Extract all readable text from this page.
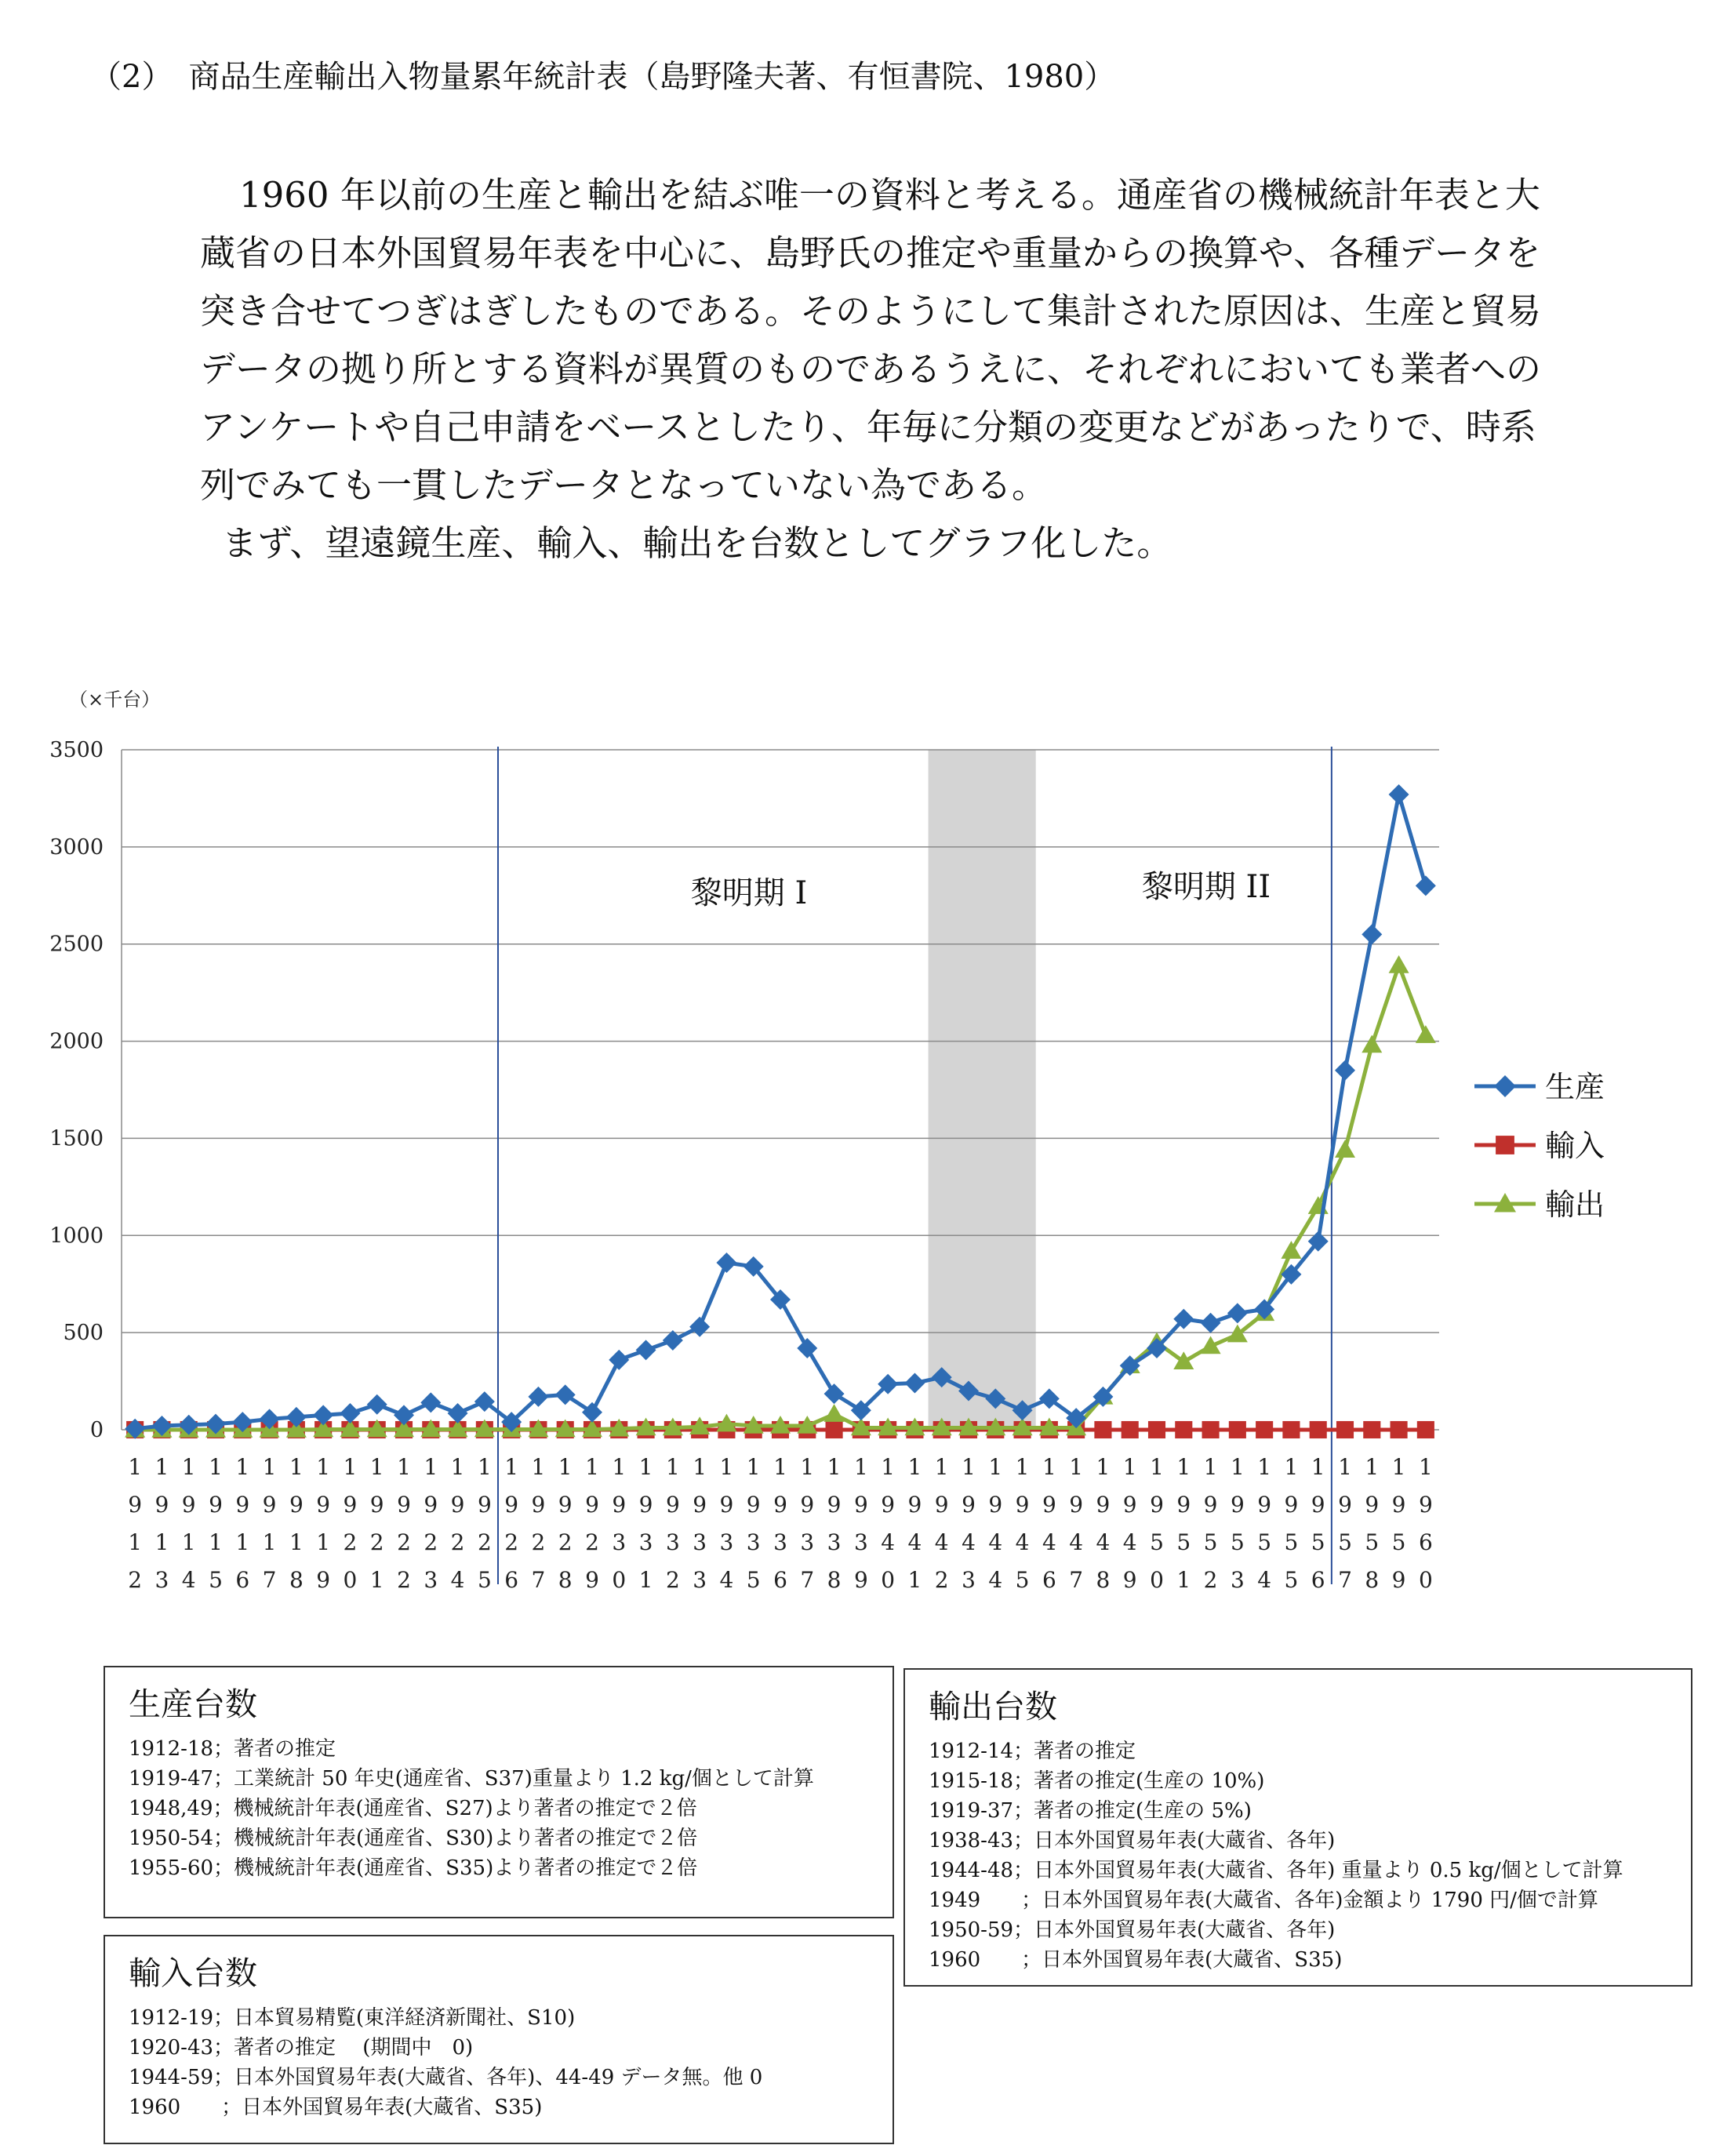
（2）　商品生産輸出入物量累年統計表（島野隆夫著、有恒書院、1980）

1960 年以前の生産と輸出を結ぶ唯一の資料と考える。通産省の機械統計年表と大蔵省の日本外国貿易年表を中心に、島野氏の推定や重量からの換算や、各種データを突き合せてつぎはぎしたものである。そのようにして集計された原因は、生産と貿易データの拠り所とする資料が異質のものであるうえに、それぞれにおいても業者へのアンケートや自己申請をベースとしたり、年毎に分類の変更などがあったりで、時系列でみても一貫したデータとなっていない為である。

まず、望遠鏡生産、輸入、輸出を台数としてグラフ化した。

0
500
1000
1500
2000
2500
3000
3500
（×千台）
1 9 1 2
1 9 1 3
1 9 1 4
1 9 1 5
1 9 1 6
1 9 1 7
1 9 1 8
1 9 1 9
1 9 2 0
1 9 2 1
1 9 2 2
1 9 2 3
1 9 2 4
1 9 2 5
1 9 2 6
1 9 2 7
1 9 2 8
1 9 2 9
1 9 3 0
1 9 3 1
1 9 3 2
1 9 3 3
1 9 3 4
1 9 3 5
1 9 3 6
1 9 3 7
1 9 3 8
1 9 3 9
1 9 4 0
1 9 4 1
1 9 4 2
1 9 4 3
1 9 4 4
1 9 4 5
1 9 4 6
1 9 4 7
1 9 4 8
1 9 4 9
1 9 5 0
1 9 5 1
1 9 5 2
1 9 5 3
1 9 5 4
1 9 5 5
1 9 5 6
1 9 5 7
1 9 5 8
1 9 5 9
1 9 6 0
黎明期 I	黎明期 II
生産
輸入
輸出
生産台数
1912-18；著者の推定
1919-47；工業統計 50 年史(通産省、S37)重量より 1.2 kg/個として計算
1948,49；機械統計年表(通産省、S27)より著者の推定で２倍
1950-54；機械統計年表(通産省、S30)より著者の推定で２倍
1955-60；機械統計年表(通産省、S35)より著者の推定で２倍
輸入台数
1912-19；日本貿易精覧(東洋経済新聞社、S10)
1920-43；著者の推定　 (期間中　0)
1944-59；日本外国貿易年表(大蔵省、各年)、44-49 データ無。他 0
1960　　；日本外国貿易年表(大蔵省、S35)
輸出台数
1912-14；著者の推定
1915-18；著者の推定(生産の 10%)
1919-37；著者の推定(生産の 5%)
1938-43；日本外国貿易年表(大蔵省、各年)
1944-48；日本外国貿易年表(大蔵省、各年) 重量より 0.5 kg/個として計算
1949　　；日本外国貿易年表(大蔵省、各年)金額より 1790 円/個で計算
1950-59；日本外国貿易年表(大蔵省、各年)
1960　　；日本外国貿易年表(大蔵省、S35)
